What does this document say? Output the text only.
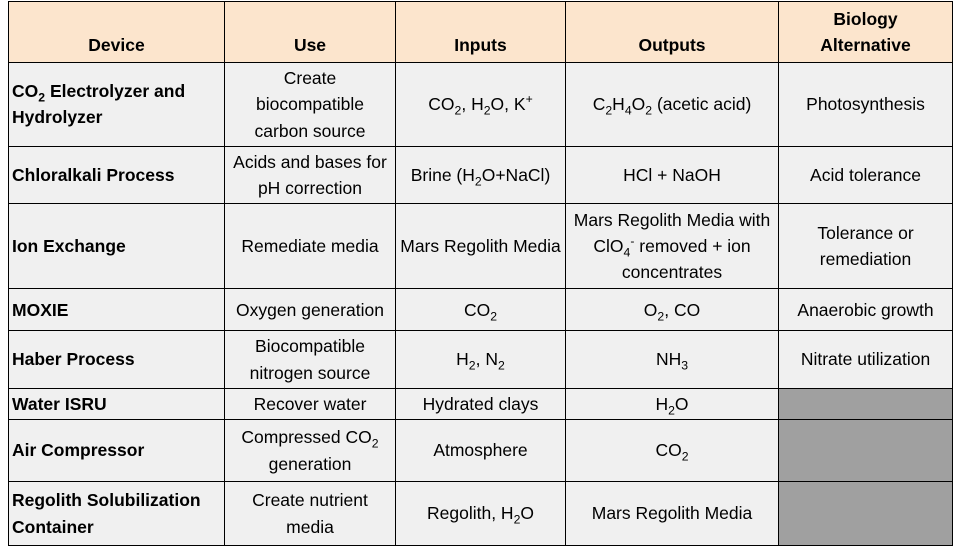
Device	Use	Inputs	Outputs	Biology
Alternative
$CO_2$ Electrolyzer and Hydrolyzer	Create biocompatible carbon source	$CO_2$, $H_2O$, K+	$C_2H_4O_2$ (acetic acid)	Photosynthesis
Chloralkali Process	Acids and bases for pH correction	Brine $(H_2O+NaCl)$	HCl + NaOH	Acid tolerance
Ion Exchange	Remediate media	Mars Regolith Media	Mars Regolith Media with ClO$_4$- removed + ion concentrates	Tolerance or remediation
MOXIE	Oxygen generation	$CO_2$	$O_2$, CO	Anaerobic growth
Haber Process	Biocompatible nitrogen source	$H_2$, $N_2$	$NH_3$	Nitrate utilization
Water ISRU	Recover water	Hydrated clays	$H_2O$	
Air Compressor	Compressed $CO_2$ generation	Atmosphere	$CO_2$	
Regolith Solubilization Container	Create nutrient media	Regolith, $H_2O$	Mars Regolith Media	
